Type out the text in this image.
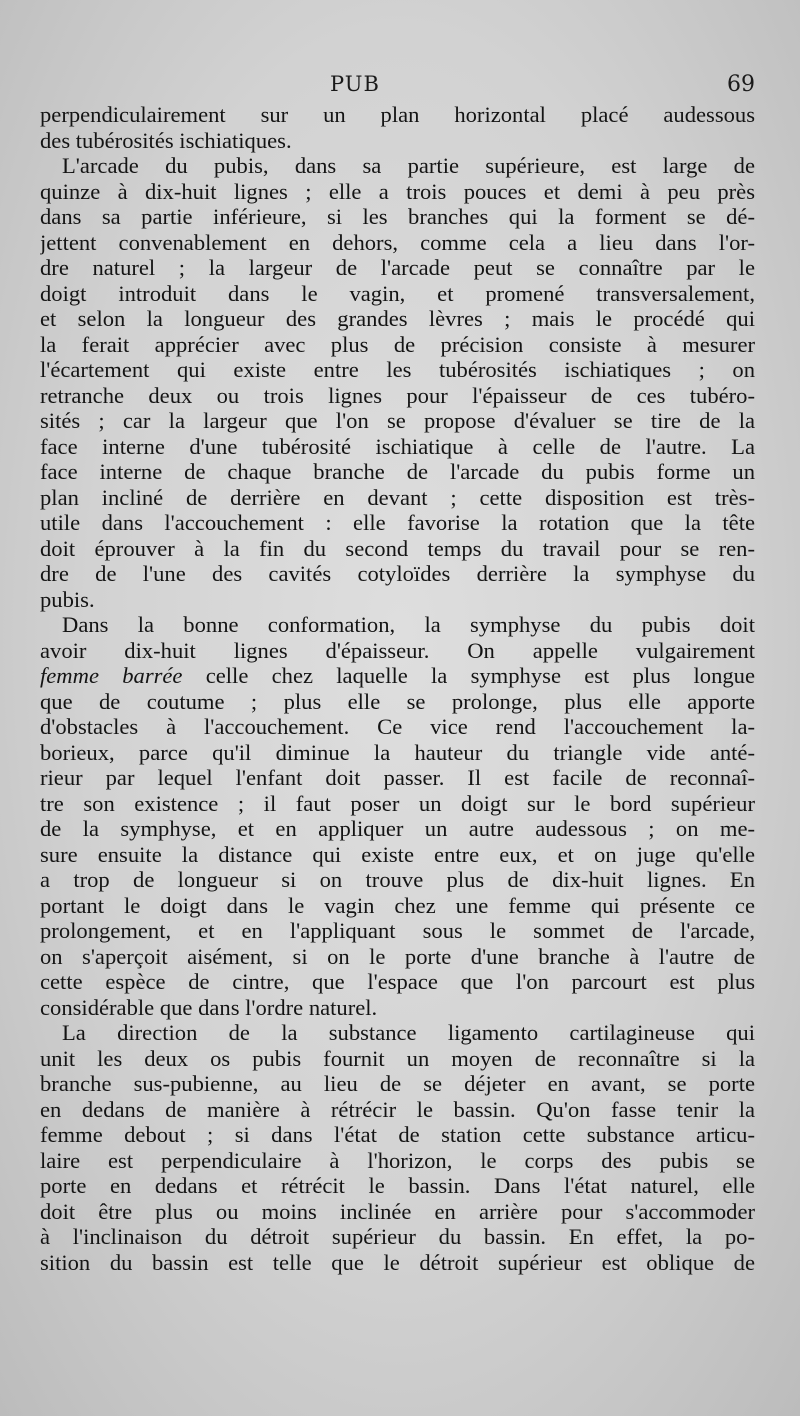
PUB	69
perpendiculairement sur un plan horizontal placé audessous
des tubérosités ischiatiques.
L'arcade du pubis, dans sa partie supérieure, est large de
quinze à dix-huit lignes ; elle a trois pouces et demi à peu près
dans sa partie inférieure, si les branches qui la forment se dé-
jettent convenablement en dehors, comme cela a lieu dans l'or-
dre naturel ; la largeur de l'arcade peut se connaître par le
doigt introduit dans le vagin, et promené transversalement,
et selon la longueur des grandes lèvres ; mais le procédé qui
la ferait apprécier avec plus de précision consiste à mesurer
l'écartement qui existe entre les tubérosités ischiatiques ; on
retranche deux ou trois lignes pour l'épaisseur de ces tubéro-
sités ; car la largeur que l'on se propose d'évaluer se tire de la
face interne d'une tubérosité ischiatique à celle de l'autre. La
face interne de chaque branche de l'arcade du pubis forme un
plan incliné de derrière en devant ; cette disposition est très-
utile dans l'accouchement : elle favorise la rotation que la tête
doit éprouver à la fin du second temps du travail pour se ren-
dre de l'une des cavités cotyloïdes derrière la symphyse du
pubis.
Dans la bonne conformation, la symphyse du pubis doit
avoir dix-huit lignes d'épaisseur. On appelle vulgairement
femme barrée celle chez laquelle la symphyse est plus longue
que de coutume ; plus elle se prolonge, plus elle apporte
d'obstacles à l'accouchement. Ce vice rend l'accouchement la-
borieux, parce qu'il diminue la hauteur du triangle vide anté-
rieur par lequel l'enfant doit passer. Il est facile de reconnaî-
tre son existence ; il faut poser un doigt sur le bord supérieur
de la symphyse, et en appliquer un autre audessous ; on me-
sure ensuite la distance qui existe entre eux, et on juge qu'elle
a trop de longueur si on trouve plus de dix-huit lignes. En
portant le doigt dans le vagin chez une femme qui présente ce
prolongement, et en l'appliquant sous le sommet de l'arcade,
on s'aperçoit aisément, si on le porte d'une branche à l'autre de
cette espèce de cintre, que l'espace que l'on parcourt est plus
considérable que dans l'ordre naturel.
La direction de la substance ligamento cartilagineuse qui
unit les deux os pubis fournit un moyen de reconnaître si la
branche sus-pubienne, au lieu de se déjeter en avant, se porte
en dedans de manière à rétrécir le bassin. Qu'on fasse tenir la
femme debout ; si dans l'état de station cette substance articu-
laire est perpendiculaire à l'horizon, le corps des pubis se
porte en dedans et rétrécit le bassin. Dans l'état naturel, elle
doit être plus ou moins inclinée en arrière pour s'accommoder
à l'inclinaison du détroit supérieur du bassin. En effet, la po-
sition du bassin est telle que le détroit supérieur est oblique de
